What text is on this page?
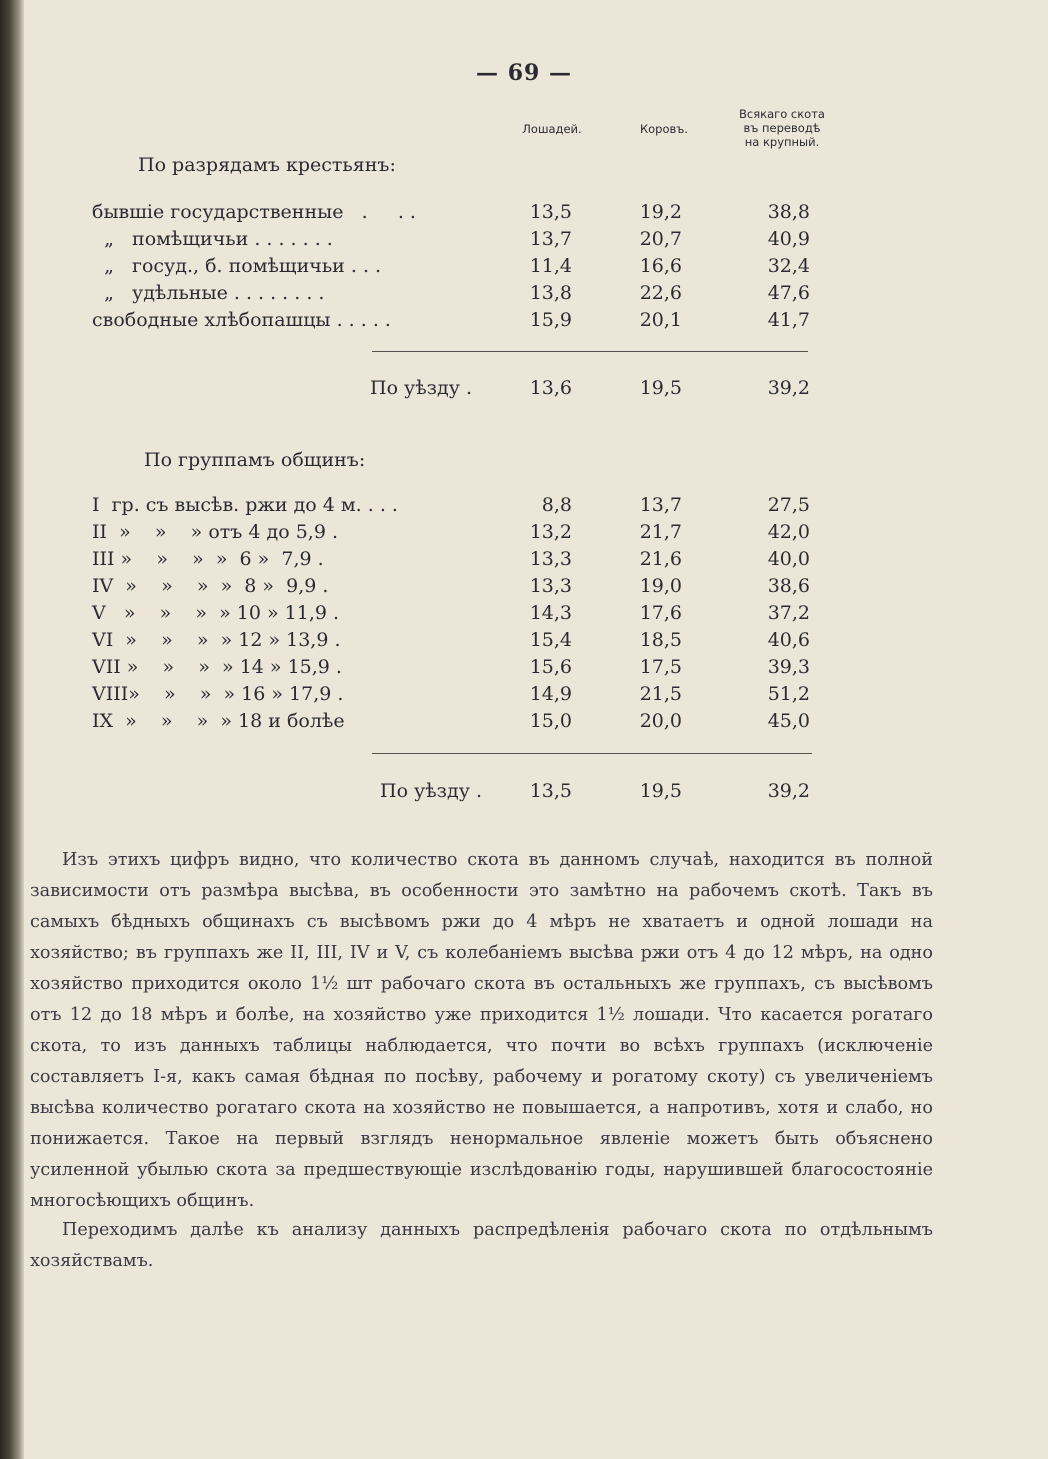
— 69 —
Лошадей.	Коровъ.
Всякаго скота
въ переводѣ
на крупный.
По разрядамъ крестьянъ:
бывшіе государственные   .     . .	13,5	19,2	38,8
„   помѣщичьи . . . . . . .	13,7	20,7	40,9
„   госуд., б. помѣщичьи . . .	11,4	16,6	32,4
„   удѣльные . . . . . . . .	13,8	22,6	47,6
свободные хлѣбопашцы . . . . .	15,9	20,1	41,7
По уѣзду .	13,6	19,5	39,2
По группамъ общинъ:
I  гр. съ высѣв. ржи до 4 м. . . .	8,8	13,7	27,5
II  »    »    » отъ 4 до 5,9 .	13,2	21,7	42,0
III »    »    »  »  6 »  7,9 .	13,3	21,6	40,0
IV  »    »    »  »  8 »  9,9 .	13,3	19,0	38,6
V   »    »    »  » 10 » 11,9 .	14,3	17,6	37,2
VI  »    »    »  » 12 » 13,9 .	15,4	18,5	40,6
VII »    »    »  » 14 » 15,9 .	15,6	17,5	39,3
VIII»    »    »  » 16 » 17,9 .	14,9	21,5	51,2
IX  »    »    »  » 18 и болѣе	15,0	20,0	45,0
По уѣзду .	13,5	19,5	39,2
Изъ этихъ цифръ видно, что количество скота въ данномъ случаѣ, находится въ полной зависимости отъ размѣра высѣва, въ особенности это замѣтно на рабочемъ скотѣ. Такъ въ самыхъ бѣдныхъ общинахъ съ высѣвомъ ржи до 4 мѣръ не хватаетъ и одной лошади на хозяйство; въ группахъ же II, III, IV и V, съ колебаніемъ высѣва ржи отъ 4 до 12 мѣръ, на одно хозяйство приходится около 1½ шт рабочаго скота въ остальныхъ же группахъ, съ высѣвомъ отъ 12 до 18 мѣръ и болѣе, на хозяйство уже приходится 1½ лошади. Что касается рогатаго скота, то изъ данныхъ таблицы наблюдается, что почти во всѣхъ группахъ (исключеніе составляетъ I-я, какъ самая бѣдная по посѣву, рабочему и рогатому скоту) съ увеличеніемъ высѣва количество рогатаго скота на хозяйство не повышается, а напротивъ, хотя и слабо, но понижается. Такое на первый взглядъ ненормальное явленіе можетъ быть объяснено усиленной убылью скота за предшествующіе изслѣдованію годы, нарушившей благосостояніе многосѣющихъ общинъ.
Переходимъ далѣе къ анализу данныхъ распредѣленія рабочаго скота по отдѣльнымъ хозяйствамъ.
